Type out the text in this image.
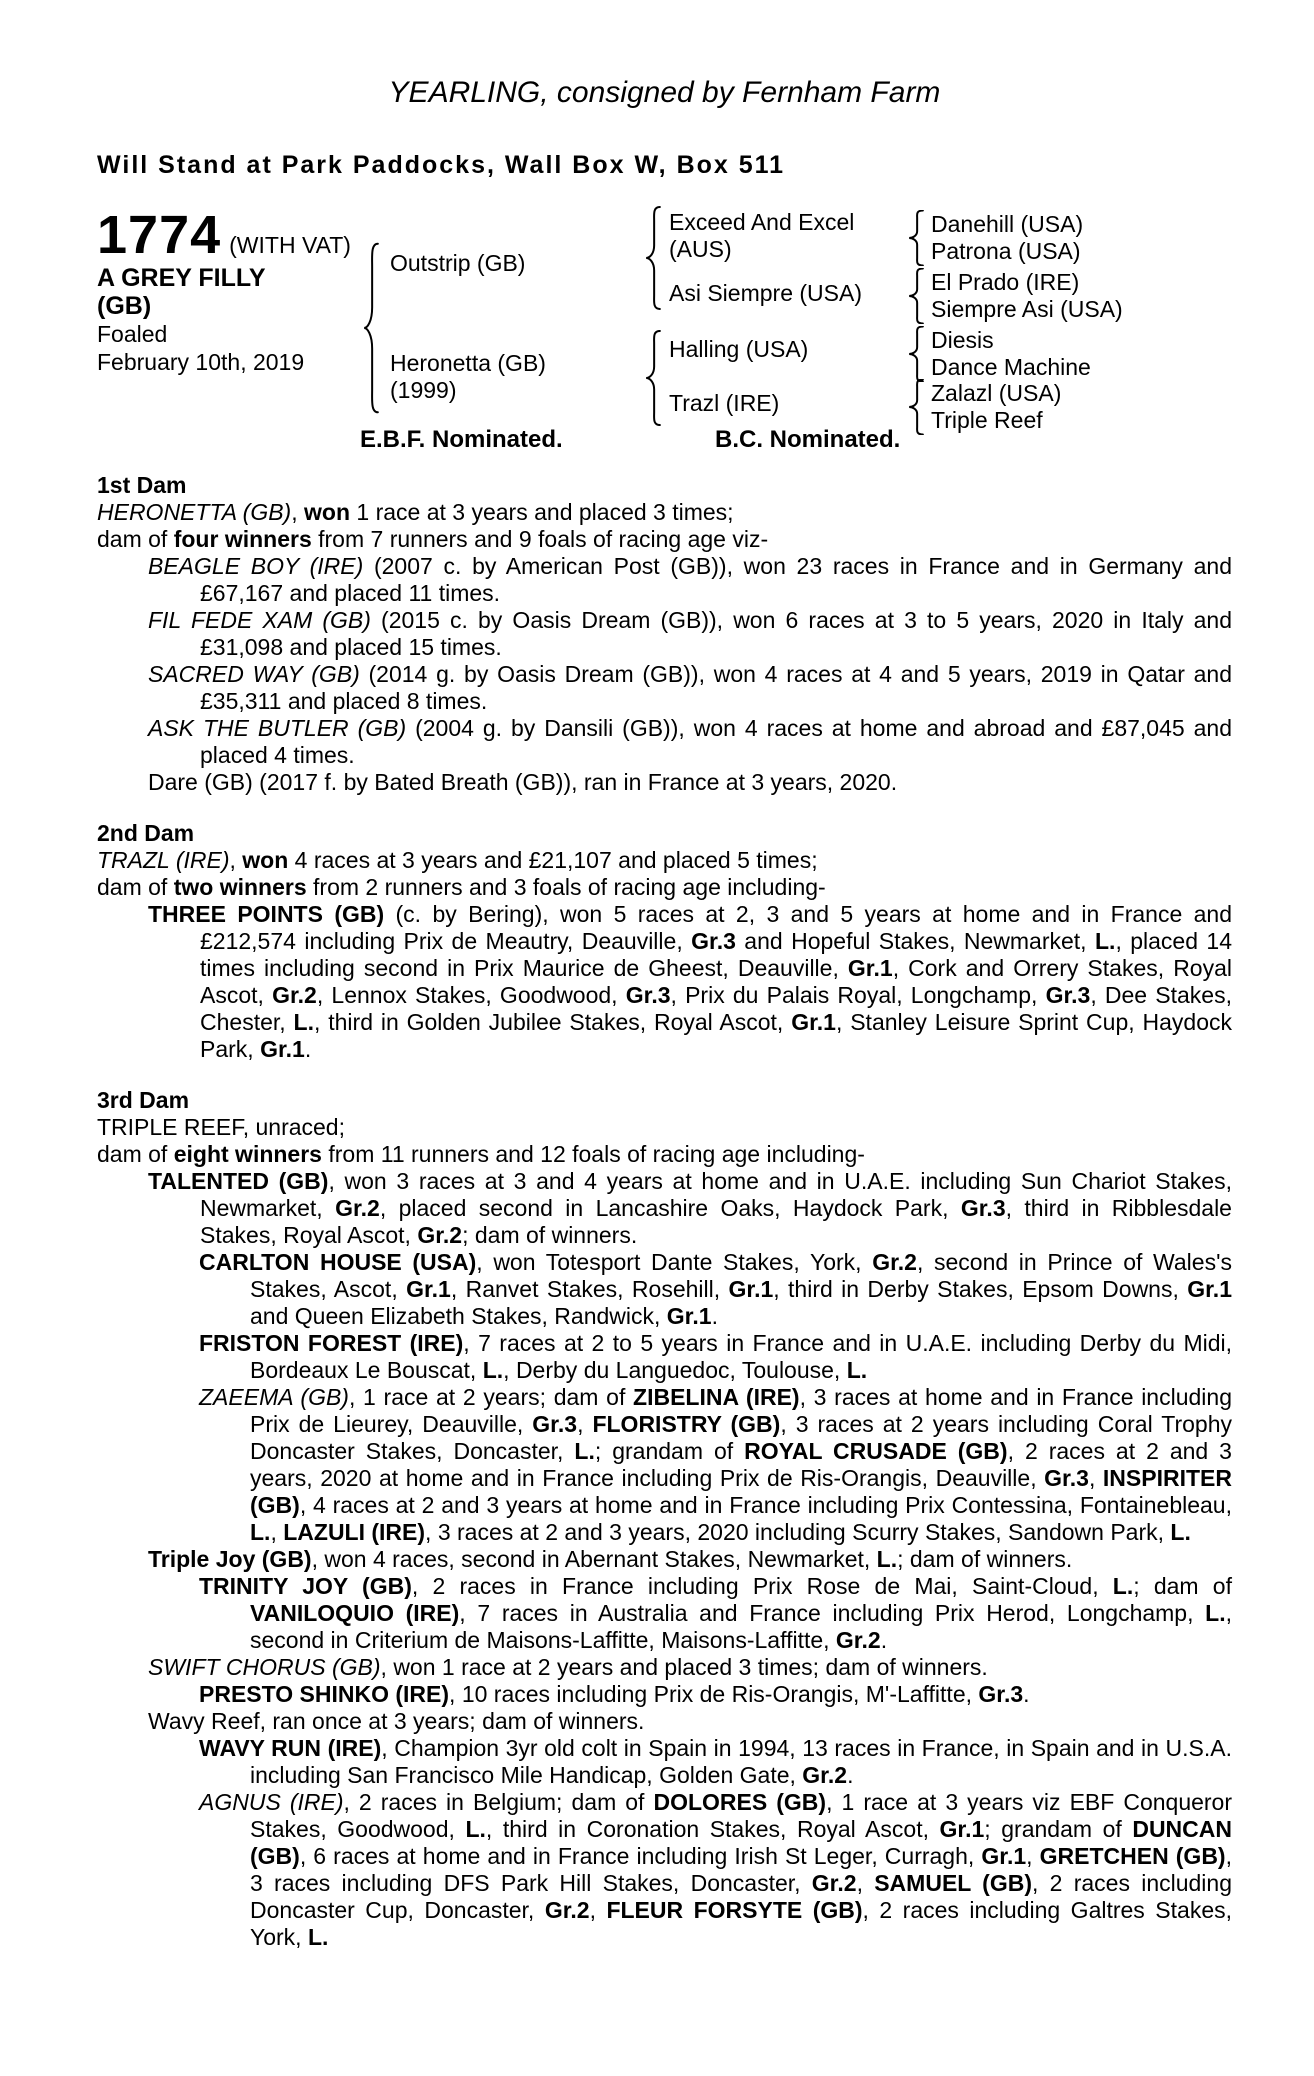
YEARLING, consigned by Fernham Farm
Will Stand at Park Paddocks, Wall Box W, Box 511
1774 (WITH VAT)
A GREY FILLY
(GB)
Foaled
February 10th, 2019
Outstrip (GB)
Heronetta (GB)
(1999)
Exceed And Excel
(AUS)
Asi Siempre (USA)
Halling (USA)
Trazl (IRE)
Danehill (USA)
Patrona (USA)
El Prado (IRE)
Siempre Asi (USA)
Diesis
Dance Machine
Zalazl (USA)
Triple Reef
E.B.F. Nominated.	B.C. Nominated.
1st Dam

HERONETTA (GB), won 1 race at 3 years and placed 3 times;

dam of four winners from 7 runners and 9 foals of racing age viz-

BEAGLE BOY (IRE) (2007 c. by American Post (GB)), won 23 races in France and in Germany and £67,167 and placed 11 times.

FIL FEDE XAM (GB) (2015 c. by Oasis Dream (GB)), won 6 races at 3 to 5 years, 2020 in Italy and £31,098 and placed 15 times.

SACRED WAY (GB) (2014 g. by Oasis Dream (GB)), won 4 races at 4 and 5 years, 2019 in Qatar and £35,311 and placed 8 times.

ASK THE BUTLER (GB) (2004 g. by Dansili (GB)), won 4 races at home and abroad and £87,045 and placed 4 times.

Dare (GB) (2017 f. by Bated Breath (GB)), ran in France at 3 years, 2020.

2nd Dam

TRAZL (IRE), won 4 races at 3 years and £21,107 and placed 5 times;

dam of two winners from 2 runners and 3 foals of racing age including-

THREE POINTS (GB) (c. by Bering), won 5 races at 2, 3 and 5 years at home and in France and £212,574 including Prix de Meautry, Deauville, Gr.3 and Hopeful Stakes, Newmarket, L., placed 14 times including second in Prix Maurice de Gheest, Deauville, Gr.1, Cork and Orrery Stakes, Royal Ascot, Gr.2, Lennox Stakes, Goodwood, Gr.3, Prix du Palais Royal, Longchamp, Gr.3, Dee Stakes, Chester, L., third in Golden Jubilee Stakes, Royal Ascot, Gr.1, Stanley Leisure Sprint Cup, Haydock Park, Gr.1.

3rd Dam

TRIPLE REEF, unraced;

dam of eight winners from 11 runners and 12 foals of racing age including-

TALENTED (GB), won 3 races at 3 and 4 years at home and in U.A.E. including Sun Chariot Stakes, Newmarket, Gr.2, placed second in Lancashire Oaks, Haydock Park, Gr.3, third in Ribblesdale Stakes, Royal Ascot, Gr.2; dam of winners.

CARLTON HOUSE (USA), won Totesport Dante Stakes, York, Gr.2, second in Prince of Wales's Stakes, Ascot, Gr.1, Ranvet Stakes, Rosehill, Gr.1, third in Derby Stakes, Epsom Downs, Gr.1 and Queen Elizabeth Stakes, Randwick, Gr.1.

FRISTON FOREST (IRE), 7 races at 2 to 5 years in France and in U.A.E. including Derby du Midi, Bordeaux Le Bouscat, L., Derby du Languedoc, Toulouse, L.

ZAEEMA (GB), 1 race at 2 years; dam of ZIBELINA (IRE), 3 races at home and in France including Prix de Lieurey, Deauville, Gr.3, FLORISTRY (GB), 3 races at 2 years including Coral Trophy Doncaster Stakes, Doncaster, L.; grandam of ROYAL CRUSADE (GB), 2 races at 2 and 3 years, 2020 at home and in France including Prix de Ris-Orangis, Deauville, Gr.3, INSPIRITER (GB), 4 races at 2 and 3 years at home and in France including Prix Contessina, Fontainebleau, L., LAZULI (IRE), 3 races at 2 and 3 years, 2020 including Scurry Stakes, Sandown Park, L.

Triple Joy (GB), won 4 races, second in Abernant Stakes, Newmarket, L.; dam of winners.

TRINITY JOY (GB), 2 races in France including Prix Rose de Mai, Saint-Cloud, L.; dam of VANILOQUIO (IRE), 7 races in Australia and France including Prix Herod, Longchamp, L., second in Criterium de Maisons-Laffitte, Maisons-Laffitte, Gr.2.

SWIFT CHORUS (GB), won 1 race at 2 years and placed 3 times; dam of winners.

PRESTO SHINKO (IRE), 10 races including Prix de Ris-Orangis, M'-Laffitte, Gr.3.

Wavy Reef, ran once at 3 years; dam of winners.

WAVY RUN (IRE), Champion 3yr old colt in Spain in 1994, 13 races in France, in Spain and in U.S.A. including San Francisco Mile Handicap, Golden Gate, Gr.2.

AGNUS (IRE), 2 races in Belgium; dam of DOLORES (GB), 1 race at 3 years viz EBF Conqueror Stakes, Goodwood, L., third in Coronation Stakes, Royal Ascot, Gr.1; grandam of DUNCAN (GB), 6 races at home and in France including Irish St Leger, Curragh, Gr.1, GRETCHEN (GB), 3 races including DFS Park Hill Stakes, Doncaster, Gr.2, SAMUEL (GB), 2 races including Doncaster Cup, Doncaster, Gr.2, FLEUR FORSYTE (GB), 2 races including Galtres Stakes, York, L.
